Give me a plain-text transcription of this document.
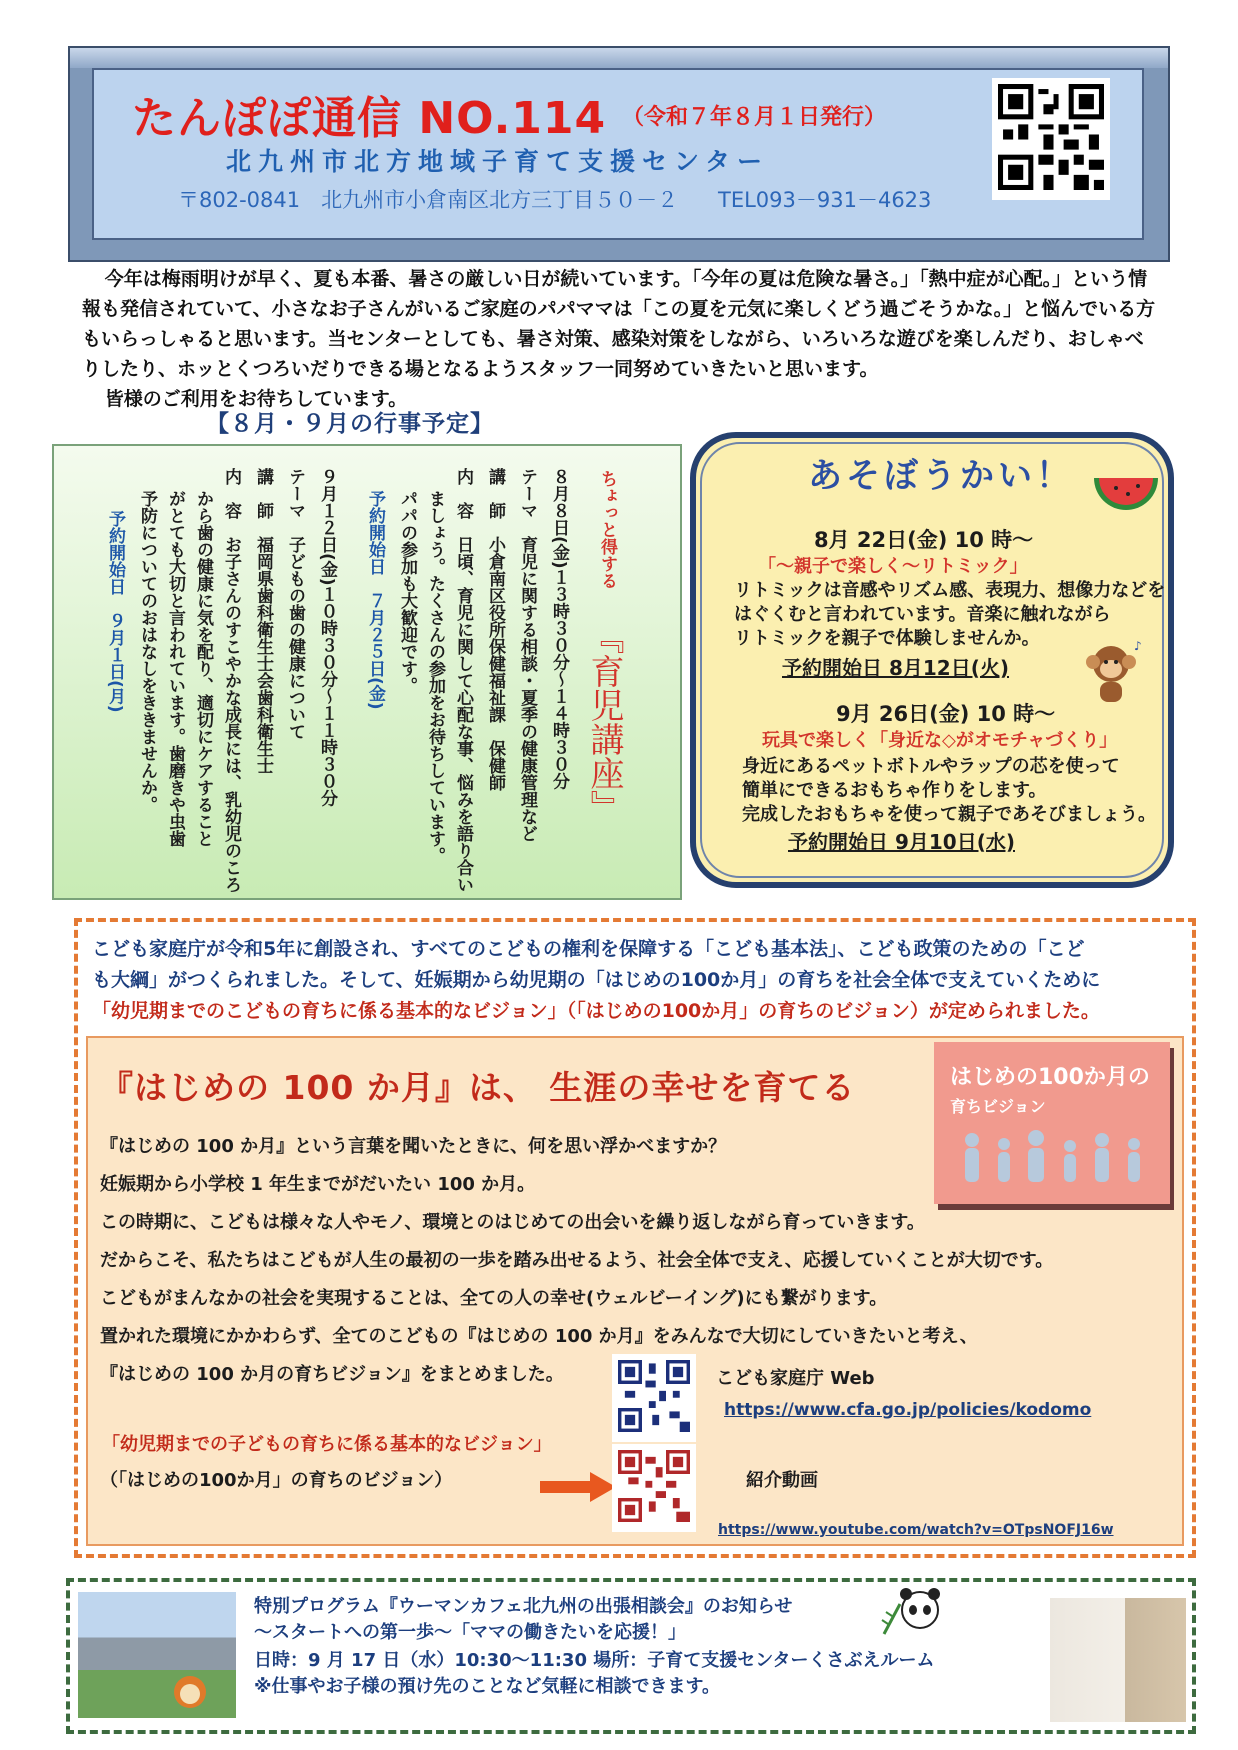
たんぽぽ通信 NO.114 （令和７年８月１日発行）
北九州市北方地域子育て支援センター
〒802-0841　北九州市小倉南区北方三丁目５０－２ TEL093－931－4623

今年は梅雨明けが早く、夏も本番、暑さの厳しい日が続いています。「今年の夏は危険な暑さ。」「熱中症が心配。」という情報も発信されていて、小さなお子さんがいるご家庭のパパママは「この夏を元気に楽しくどう過ごそうかな。」と悩んでいる方もいらっしゃると思います。当センターとしても、暑さ対策、感染対策をしながら、いろいろな遊びを楽しんだり、おしゃべりしたり、ホッとくつろいだりできる場となるようスタッフ一同努めていきたいと思います。

皆様のご利用をお待ちしています。

【８月・９月の行事予定】
ちょっと得する
『育児講座』
８月８日(金)１３時３０分～１４時３０分
テーマ　育児に関する相談・夏季の健康管理など
講　師　小倉南区役所保健福祉課　保健師
内　容　日頃、育児に関して心配な事、悩みを語り合い
ましょう。たくさんの参加をお待ちしています。
パパの参加も大歓迎です。
予約開始日　７月２５日(金)
９月１２日(金)１０時３０分～１１時３０分
テーマ　子どもの歯の健康について
講　師　福岡県歯科衛生士会歯科衛生士
内　容　お子さんのすこやかな成長には、乳幼児のころ
から歯の健康に気を配り、適切にケアすること
がとても大切と言われています。歯磨きや虫歯
予防についてのおはなしをききませんか。
予約開始日　９月１日(月)
あそぼうかい！
8月 22日(金) 10 時～
「～親子で楽しく～リトミック」
リトミックは音感やリズム感、表現力、想像力などを
はぐくむと言われています。音楽に触れながら
リトミックを親子で体験しませんか。
予約開始日 8月12日(火)
♪
9月 26日(金) 10 時～
玩具で楽しく「身近な◇がオモチャづくり」
身近にあるペットボトルやラップの芯を使って
簡単にできるおもちゃ作りをします。
完成したおもちゃを使って親子であそびましょう。
予約開始日 9月10日(水)
こども家庭庁が令和5年に創設され、すべてのこどもの権利を保障する「こども基本法」、こども政策のための「こど
も大綱」がつくられました。そして、妊娠期から幼児期の「はじめの100か月」の育ちを社会全体で支えていくために
「幼児期までのこどもの育ちに係る基本的なビジョン」（「はじめの100か月」の育ちのビジョン）が定められました。
『はじめの 100 か月』は、 生涯の幸せを育てる	はじめの100か月の
育ちビジョン
『はじめの 100 か月』という言葉を聞いたときに、何を思い浮かべますか？
妊娠期から小学校 1 年生までがだいたい 100 か月。
この時期に、こどもは様々な人やモノ、環境とのはじめての出会いを繰り返しながら育っていきます。
だからこそ、私たちはこどもが人生の最初の一歩を踏み出せるよう、社会全体で支え、応援していくことが大切です。
こどもがまんなかの社会を実現することは、全ての人の幸せ(ウェルビーイング)にも繋がります。
置かれた環境にかかわらず、全てのこどもの『はじめの 100 か月』をみんなで大切にしていきたいと考え、
『はじめの 100 か月の育ちビジョン』をまとめました。
「幼児期までの子どもの育ちに係る基本的なビジョン」
（「はじめの100か月」の育ちのビジョン）
こども家庭庁 Web
https://www.cfa.go.jp/policies/kodomo
紹介動画
https://www.youtube.com/watch?v=OTpsNOFJ16w
特別プログラム『ウーマンカフェ北九州の出張相談会』のお知らせ
～スタートへの第一歩～「ママの働きたいを応援！」
日時：9 月 17 日（水）10:30～11:30 場所：子育て支援センターくさぶえルーム
※仕事やお子様の預け先のことなど気軽に相談できます。
